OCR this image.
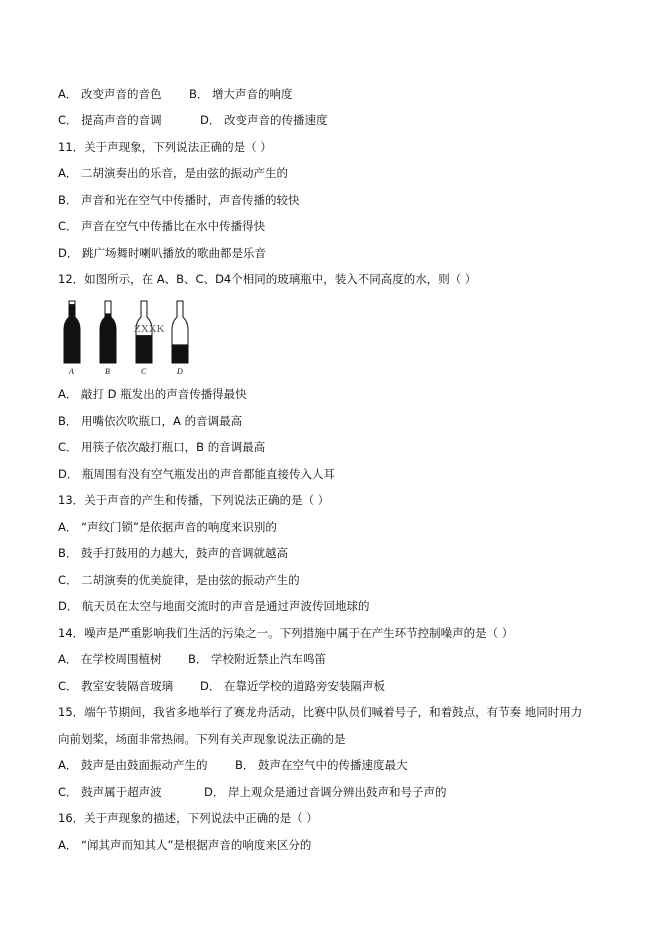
A． 改变声音的音色 B． 增大声音的响度
C． 提高声音的音调	D． 改变声音的传播速度
11．关于声现象，下列说法正确的是（ ）
A． 二胡演奏出的乐音，是由弦的振动产生的
B． 声音和光在空气中传播时，声音传播的较快
C． 声音在空气中传播比在水中传播得快
D． 跳广场舞时喇叭播放的歌曲都是乐音
12．如图所示，在 A、B、C、D4个相同的玻璃瓶中，装入不同高度的水，则（ ）
A	B	C	D
ZXXK
A． 敲打 D 瓶发出的声音传播得最快
B． 用嘴依次吹瓶口，A 的音调最高
C． 用筷子依次敲打瓶口，B 的音调最高
D． 瓶周围有没有空气瓶发出的声音都能直接传入人耳
13．关于声音的产生和传播，下列说法正确的是（ ）
A． “声纹门锁”是依据声音的响度来识别的
B． 鼓手打鼓用的力越大，鼓声的音调就越高
C． 二胡演奏的优美旋律，是由弦的振动产生的
D． 航天员在太空与地面交流时的声音是通过声波传回地球的
14．噪声是严重影响我们生活的污染之一。下列措施中属于在产生环节控制噪声的是（ ）
A． 在学校周围植树 B． 学校附近禁止汽车鸣笛
C． 教室安装隔音玻璃 D． 在靠近学校的道路旁安装隔声板
15．端午节期间，我省多地举行了赛龙舟活动，比赛中队员们喊着号子，和着鼓点，有节奏 地同时用力
向前划桨，场面非常热闹。下列有关声现象说法正确的是
A． 鼓声是由鼓面振动产生的 B． 鼓声在空气中的传播速度最大
C． 鼓声属于超声波	D． 岸上观众是通过音调分辨出鼓声和号子声的
16．关于声现象的描述，下列说法中正确的是（ ）
A． “闻其声而知其人”是根据声音的响度来区分的
